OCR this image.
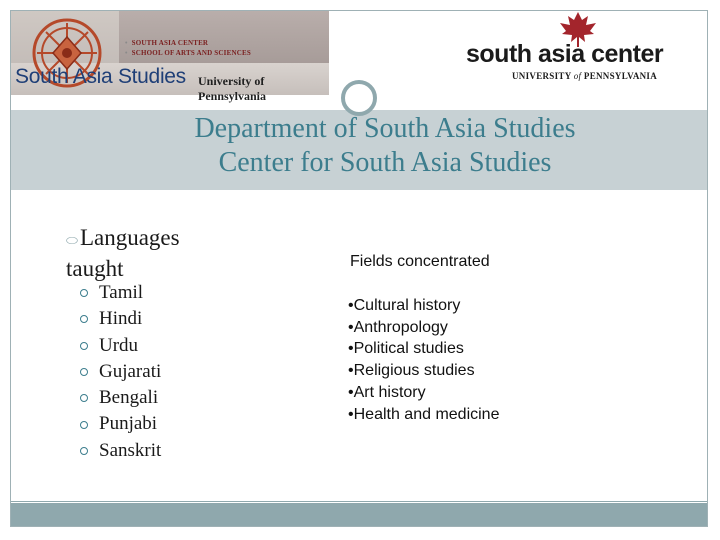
• SOUTH ASIA CENTER
• SCHOOL OF ARTS AND SCIENCES
South Asia Studies University of Pennsylvania
south asia center
UNIVERSITY of PENNSYLVANIA
Department of South Asia Studies
Center for South Asia Studies
⬭Languages
taught
Tamil
Hindi
Urdu
Gujarati
Bengali
Punjabi
Sanskrit
Fields concentrated
•Cultural history
•Anthropology
•Political studies
•Religious studies
•Art history
•Health and medicine
